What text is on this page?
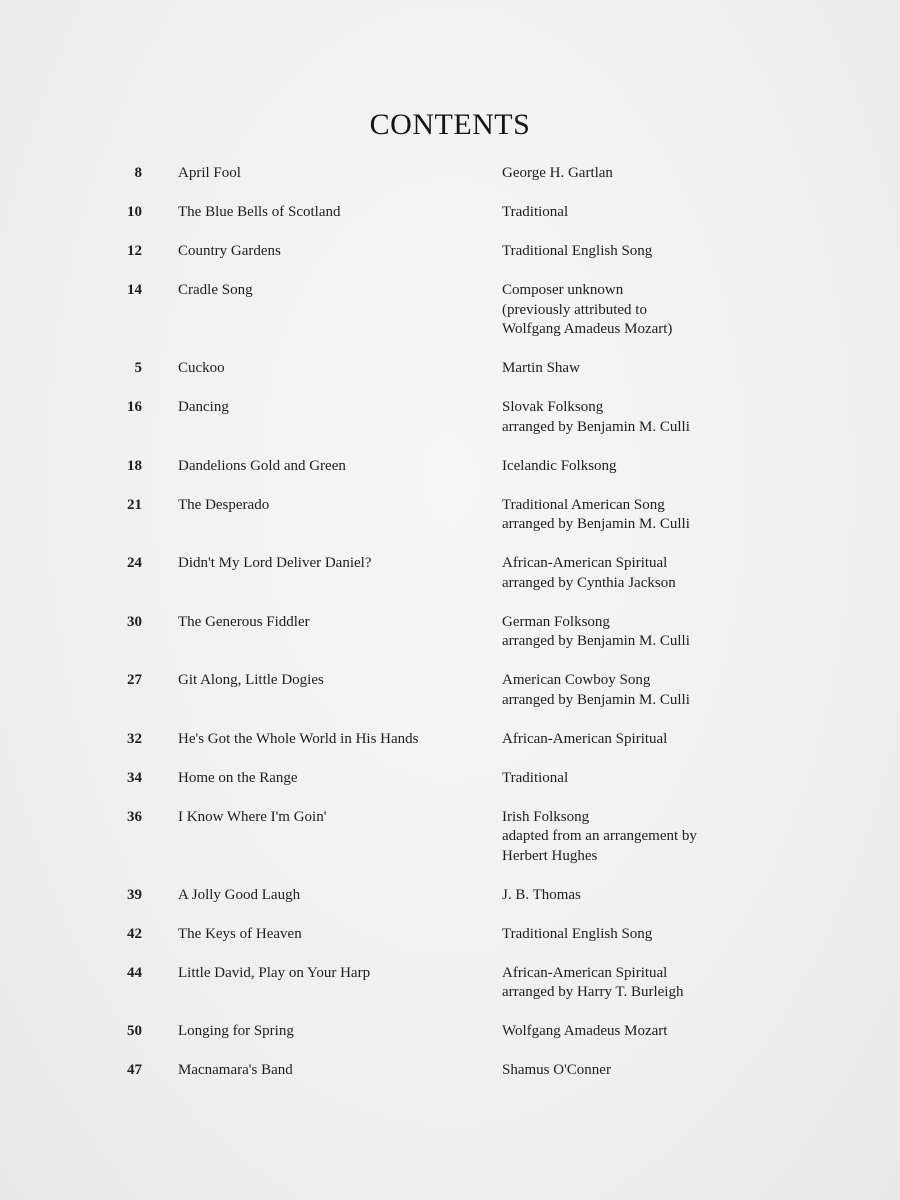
CONTENTS
8 April Fool	George H. Gartlan
10 The Blue Bells of Scotland	Traditional
12 Country Gardens	Traditional English Song
14 Cradle Song	Composer unknown
(previously attributed to
Wolfgang Amadeus Mozart)
5 Cuckoo	Martin Shaw
16 Dancing	Slovak Folksong
arranged by Benjamin M. Culli
18 Dandelions Gold and Green	Icelandic Folksong
21 The Desperado	Traditional American Song
arranged by Benjamin M. Culli
24 Didn't My Lord Deliver Daniel?	African-American Spiritual
arranged by Cynthia Jackson
30 The Generous Fiddler	German Folksong
arranged by Benjamin M. Culli
27 Git Along, Little Dogies	American Cowboy Song
arranged by Benjamin M. Culli
32 He's Got the Whole World in His Hands	African-American Spiritual
34 Home on the Range	Traditional
36 I Know Where I'm Goin'	Irish Folksong
adapted from an arrangement by
Herbert Hughes
39 A Jolly Good Laugh	J. B. Thomas
42 The Keys of Heaven	Traditional English Song
44 Little David, Play on Your Harp	African-American Spiritual
arranged by Harry T. Burleigh
50 Longing for Spring	Wolfgang Amadeus Mozart
47 Macnamara's Band	Shamus O'Conner
